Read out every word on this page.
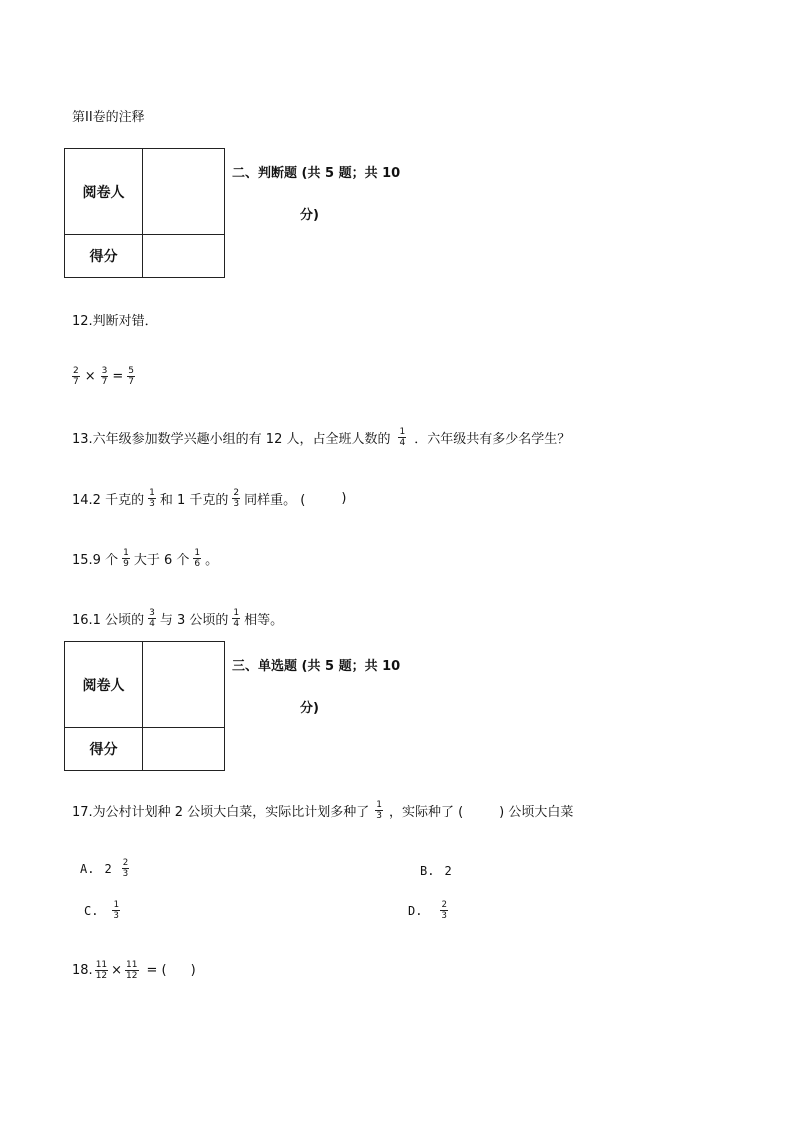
第II卷的注释
阅卷人	
得分	
二、判断题 (共 5 题；共 10
分)
12.判断对错．
$\frac{2}{7} \times \frac{3}{7} = \frac{5}{7}$
13.六年级参加数学兴趣小组的有 12 人，占全班人数的 $\frac{1}{4}$ ．六年级共有多少名学生？
14.2 千克的 $\frac{1}{3}$ 和 1 千克的 $\frac{2}{3}$ 同样重。 (	)
15.9 个 $\frac{1}{9}$ 大于 6 个 $\frac{1}{6}$ 。
16.1 公顷的 $\frac{3}{4}$ 与 3 公顷的 $\frac{1}{4}$ 相等。
阅卷人	
得分	
三、单选题 (共 5 题；共 10
分)
17.为公村计划种 2 公顷大白菜，实际比计划多种了 $\frac{1}{3}$ ，实际种了 (	) 公顷大白菜
A. $2 \frac{2}{3}$	B. 2
C. $\frac{1}{3}$	D. $\frac{2}{3}$
18. $\frac{11}{12} \times \frac{11}{12}$ = ( )
